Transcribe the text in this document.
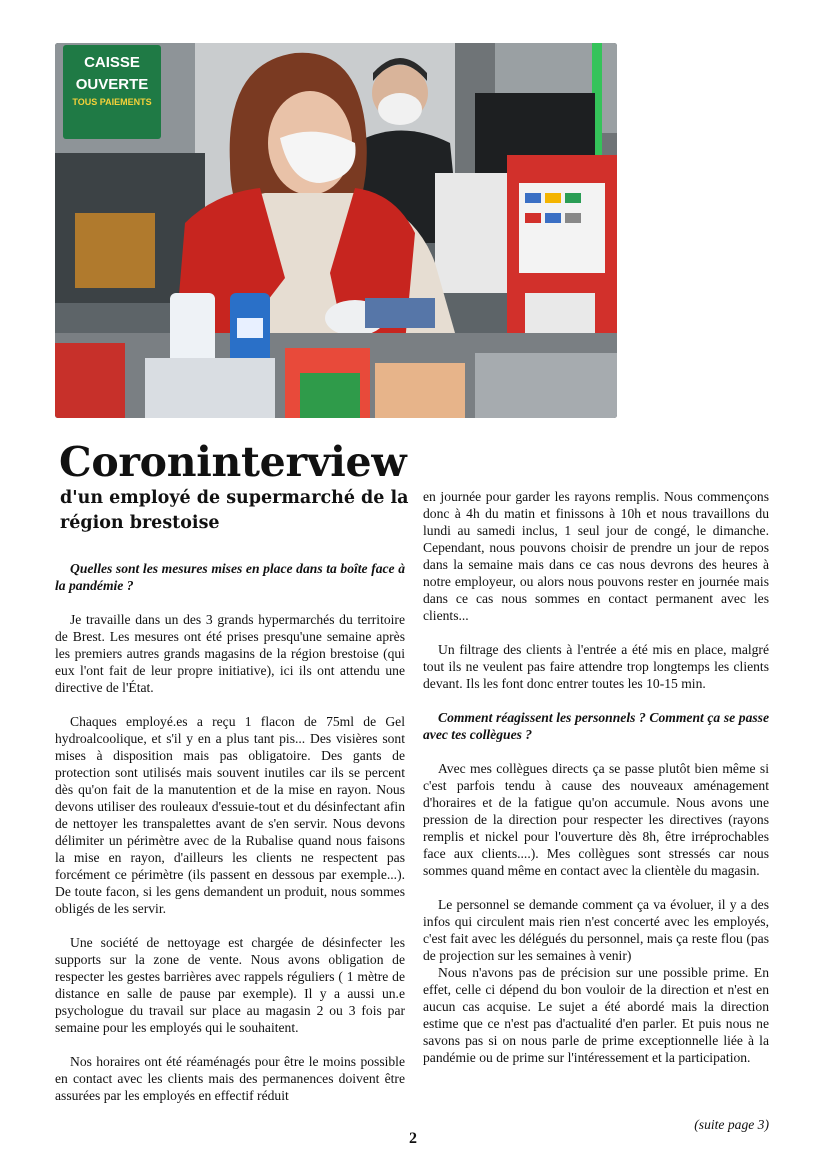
CAISSE
OUVERTE
TOUS PAIEMENTS
Coroninterview
d'un employé de supermarché de la région brestoise

Quelles sont les mesures mises en place dans ta boîte face à la pandémie ?

Je travaille dans un des 3 grands hypermarchés du territoire de Brest. Les mesures ont été prises presqu'une semaine après les premiers autres grands magasins de la région brestoise (qui eux l'ont fait de leur propre initiative), ici ils ont attendu une directive de l'État.

Chaques employé.es a reçu 1 flacon de 75ml de Gel hydroalcoolique, et s'il y en a plus tant pis... Des visières sont mises à disposition mais pas obligatoire. Des gants de protection sont utilisés mais souvent inutiles car ils se percent dès qu'on fait de la manutention et de la mise en rayon. Nous devons utiliser des rouleaux d'essuie-tout et du désinfectant afin de nettoyer les transpalettes avant de s'en servir. Nous devons délimiter un périmètre avec de la Rubalise quand nous faisons la mise en rayon, d'ailleurs les clients ne respectent pas forcément ce périmètre (ils passent en dessous par exemple...). De toute facon, si les gens demandent un produit, nous sommes obligés de les servir.

Une société de nettoyage est chargée de désinfecter les supports sur la zone de vente. Nous avons obligation de respecter les gestes barrières avec rappels réguliers ( 1 mètre de distance en salle de pause par exemple). Il y a aussi un.e psychologue du travail sur place au magasin 2 ou 3 fois par semaine pour les employés qui le souhaitent.

Nos horaires ont été réaménagés pour être le moins possible en contact avec les clients mais des permanences doivent être assurées par les employés en effectif réduit

en journée pour garder les rayons remplis. Nous commençons donc à 4h du matin et finissons à 10h et nous travaillons du lundi au samedi inclus, 1 seul jour de congé, le dimanche. Cependant, nous pouvons choisir de prendre un jour de repos dans la semaine mais dans ce cas nous devrons des heures à notre employeur, ou alors nous pouvons rester en journée mais dans ce cas nous sommes en contact permanent avec les clients...

Un filtrage des clients à l'entrée a été mis en place, malgré tout ils ne veulent pas faire attendre trop longtemps les clients devant. Ils les font donc entrer toutes les 10-15 min.

Comment réagissent les personnels ? Comment ça se passe avec tes collègues ?

Avec mes collègues directs ça se passe plutôt bien même si c'est parfois tendu à cause des nouveaux aménagement d'horaires et de la fatigue qu'on accumule. Nous avons une pression de la direction pour respecter les directives (rayons remplis et nickel pour l'ouverture dès 8h, être irréprochables face aux clients....). Mes collègues sont stressés car nous sommes quand même en contact avec la clientèle du magasin.

Le personnel se demande comment ça va évoluer, il y a des infos qui circulent mais rien n'est concerté avec les employés, c'est fait avec les délégués du personnel, mais ça reste flou (pas de projection sur les semaines à venir)

Nous n'avons pas de précision sur une possible prime. En effet, celle ci dépend du bon vouloir de la direction et n'est en aucun cas acquise. Le sujet a été abordé mais la direction estime que ce n'est pas d'actualité d'en parler. Et puis nous ne savons pas si on nous parle de prime exceptionnelle liée à la pandémie ou de prime sur l'intéressement et la participation.

(suite page 3)
2
